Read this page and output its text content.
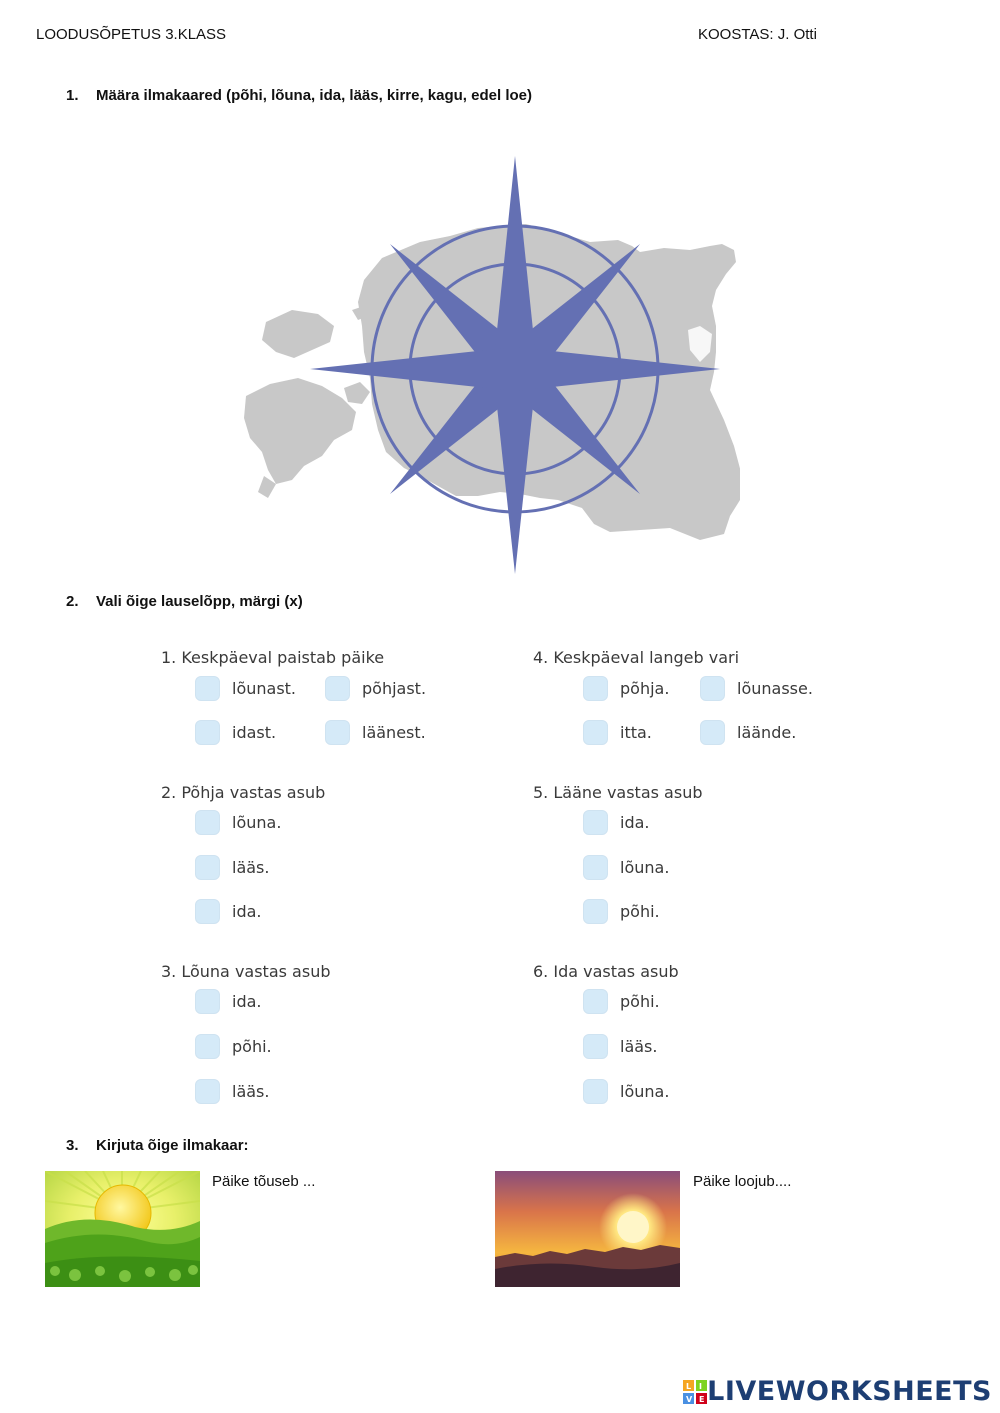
LOODUSÕPETUS 3.KLASS	KOOSTAS: J. Otti
1. Määra ilmakaared (põhi, lõuna, ida, lääs, kirre, kagu, edel loe)
2. Vali õige lauselõpp, märgi (x)
1. Keskpäeval paistab päike
lõunast.	põhjast.
idast.	läänest.
2. Põhja vastas asub
lõuna.
lääs.
ida.
3. Lõuna vastas asub
ida.
põhi.
lääs.
4. Keskpäeval langeb vari
põhja.	lõunasse.
itta.	läände.
5. Lääne vastas asub
ida.
lõuna.
põhi.
6. Ida vastas asub
põhi.
lääs.
lõuna.
3. Kirjuta õige ilmakaar:
Päike tõuseb ...	Päike loojub....
L I
V E LIVEWORKSHEETS
